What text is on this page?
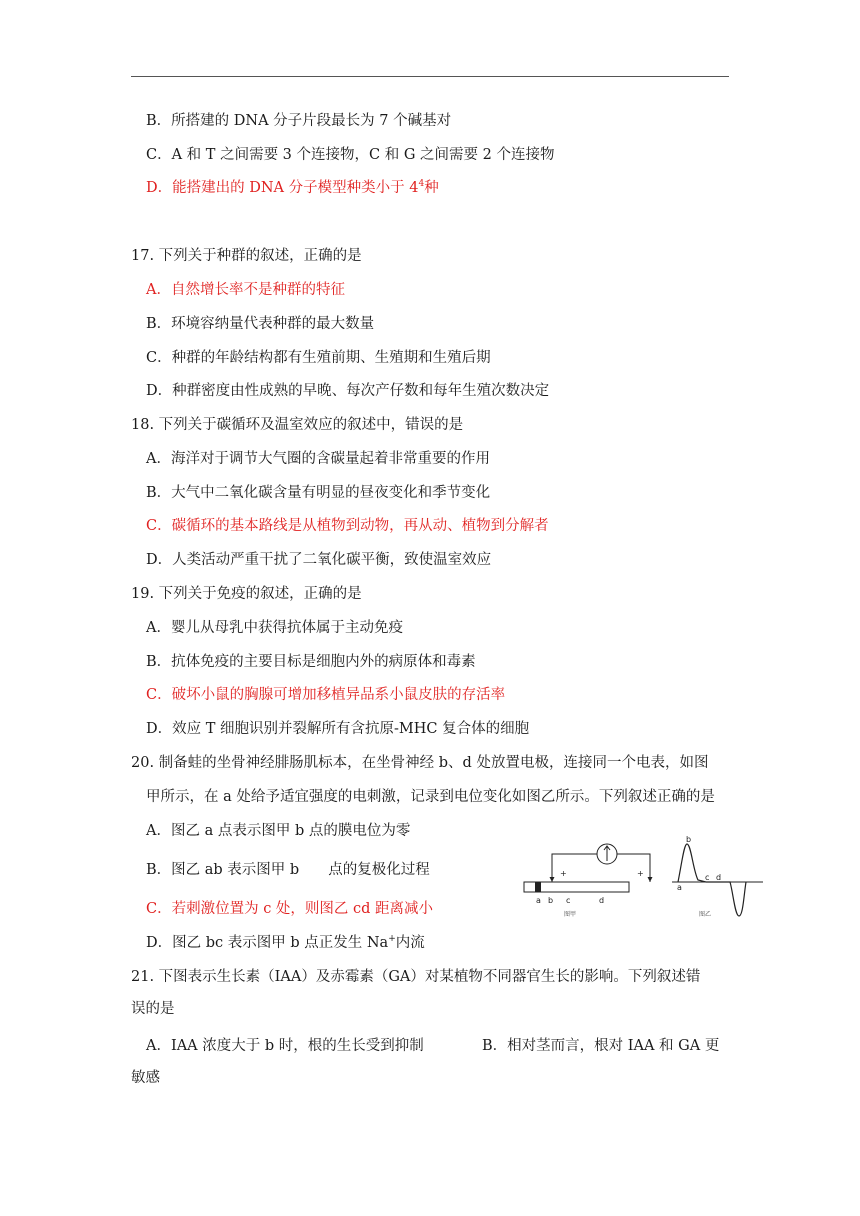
B．所搭建的 DNA 分子片段最长为 7 个碱基对
C．A 和 T 之间需要 3 个连接物，C 和 G 之间需要 2 个连接物
D．能搭建出的 DNA 分子模型种类小于 $4^4$种
17. 下列关于种群的叙述，正确的是
A．自然增长率不是种群的特征
B．环境容纳量代表种群的最大数量
C．种群的年龄结构都有生殖前期、生殖期和生殖后期
D．种群密度由性成熟的早晚、每次产仔数和每年生殖次数决定
18. 下列关于碳循环及温室效应的叙述中，错误的是
A．海洋对于调节大气圈的含碳量起着非常重要的作用
B．大气中二氧化碳含量有明显的昼夜变化和季节变化
C．碳循环的基本路线是从植物到动物，再从动、植物到分解者
D．人类活动严重干扰了二氧化碳平衡，致使温室效应
19. 下列关于免疫的叙述，正确的是
A．婴儿从母乳中获得抗体属于主动免疫
B．抗体免疫的主要目标是细胞内外的病原体和毒素
C．破坏小鼠的胸腺可增加移植异品系小鼠皮肤的存活率
D．效应 T 细胞识别并裂解所有含抗原-MHC 复合体的细胞
20. 制备蛙的坐骨神经腓肠肌标本，在坐骨神经 b、d 处放置电极，连接同一个电表，如图
甲所示，在 a 处给予适宜强度的电刺激，记录到电位变化如图乙所示。下列叙述正确的是
A．图乙 a 点表示图甲 b 点的膜电位为零
B．图乙 ab 表示图甲 b　　点的复极化过程
C．若刺激位置为 c 处，则图乙 cd 距离减小
D．图乙 bc 表示图甲 b 点正发生 Na+内流
+	+
a b c	d
图甲
b
a
c d
图乙
21. 下图表示生长素（IAA）及赤霉素（GA）对某植物不同器官生长的影响。下列叙述错
误的是
A．IAA 浓度大于 b 时，根的生长受到抑制	B．相对茎而言，根对 IAA 和 GA 更
敏感
